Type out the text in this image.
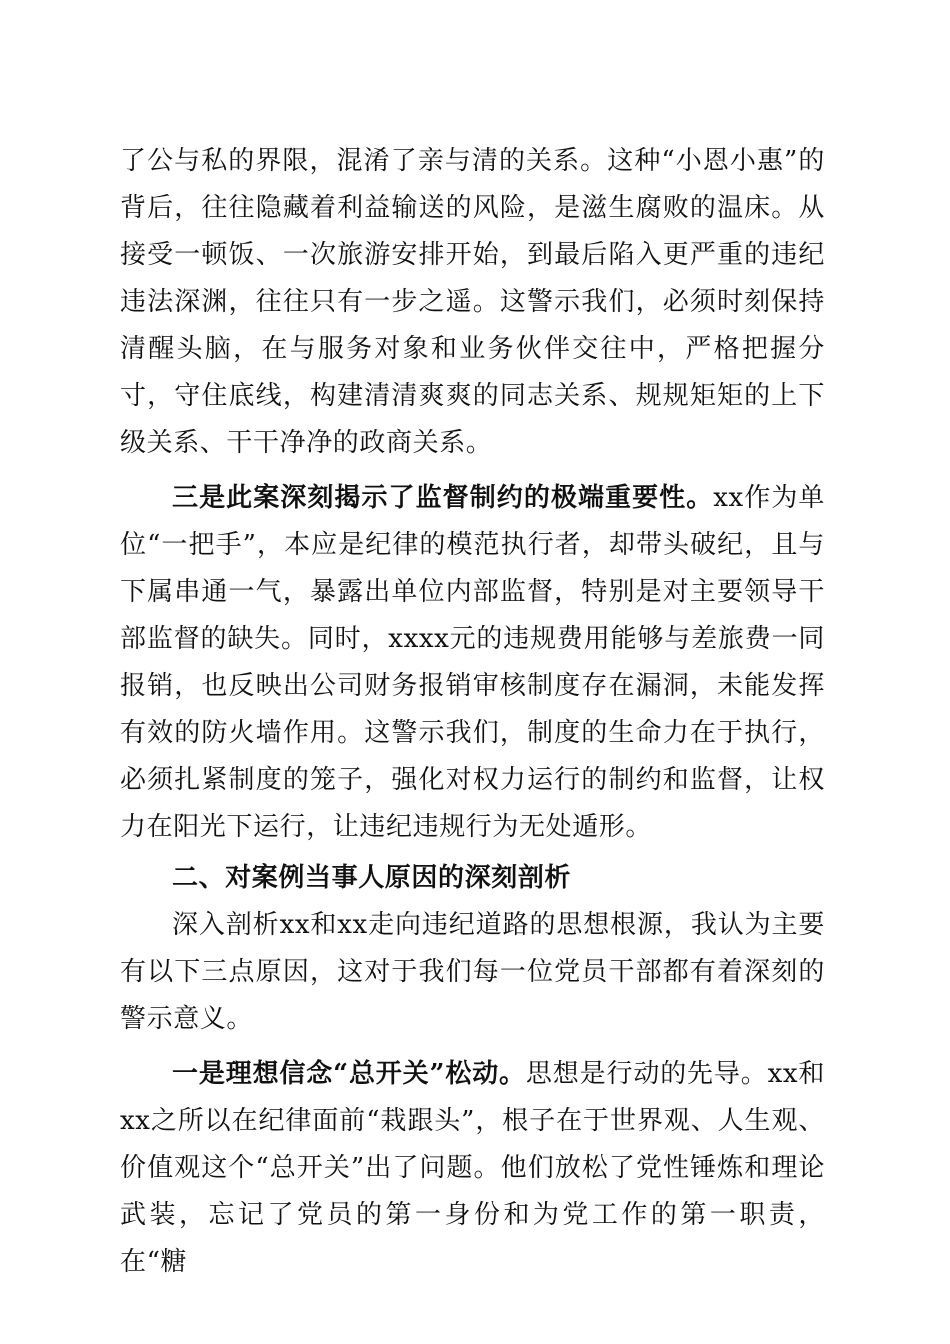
了公与私的界限，混淆了亲与清的关系。这种“小恩小惠”的背后，往往隐藏着利益输送的风险，是滋生腐败的温床。从接受一顿饭、一次旅游安排开始，到最后陷入更严重的违纪违法深渊，往往只有一步之遥。这警示我们，必须时刻保持清醒头脑，在与服务对象和业务伙伴交往中，严格把握分寸，守住底线，构建清清爽爽的同志关系、规规矩矩的上下级关系、干干净净的政商关系。

三是此案深刻揭示了监督制约的极端重要性。xx作为单位“一把手”，本应是纪律的模范执行者，却带头破纪，且与下属串通一气，暴露出单位内部监督，特别是对主要领导干部监督的缺失。同时，xxxx元的违规费用能够与差旅费一同报销，也反映出公司财务报销审核制度存在漏洞，未能发挥有效的防火墙作用。这警示我们，制度的生命力在于执行，必须扎紧制度的笼子，强化对权力运行的制约和监督，让权力在阳光下运行，让违纪违规行为无处遁形。

二、对案例当事人原因的深刻剖析

深入剖析xx和xx走向违纪道路的思想根源，我认为主要有以下三点原因，这对于我们每一位党员干部都有着深刻的警示意义。

一是理想信念“总开关”松动。思想是行动的先导。xx和xx之所以在纪律面前“栽跟头”，根子在于世界观、人生观、价值观这个“总开关”出了问题。他们放松了党性锤炼和理论武装，忘记了党员的第一身份和为党工作的第一职责，在“糖
